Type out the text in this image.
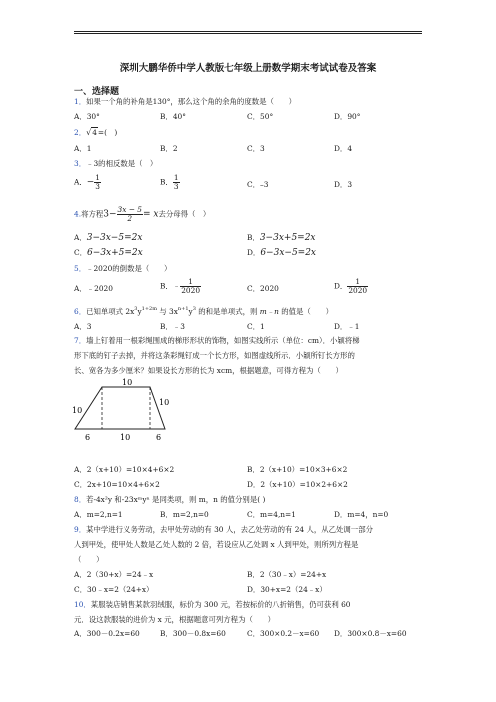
深圳大鹏华侨中学人教版七年级上册数学期末考试试卷及答案
一、选择题
1．如果一个角的补角是130°，那么这个角的余角的度数是（　　）
A．30°	B．40°	C．50°	D．90°
2．√4=(　)
A．1	B．2	C．3	D．4
3．﹣3的相反数是（　）
A．− $\frac{1}{3}$	B． $\frac{1}{3}$	C．–3	D．3
4.将方程$3- \frac{3x - 5}{2} = x$去分母得（　）
A．3−3x−5=2x	B．3−3x+5=2x
C．6−3x+5=2x	D．6−3x−5=2x
5．﹣2020的倒数是（　　）
A．﹣2020	B．﹣ $\frac{1}{2020}$	C．2020	D． $\frac{1}{2020}$
6．已知单项式 $2x^3y^{1+2m}$ 与 $3x^{n+1}y^3$ 的和是单项式，则 m﹣n 的值是（　　）
A．3	B．﹣3	C．1	D．﹣1
7．墙上钉着用一根彩绳围成的梯形形状的饰物，如图实线所示（单位：cm）．小颖将梯
形下底的钉子去掉，并将这条彩绳钉成一个长方形，如图虚线所示．小颖所钉长方形的
长、宽各为多少厘米？如果设长方形的长为 xcm，根据题意，可得方程为（　　）
10
10
10
6	10	6
A．2（x+10）=10×4+6×2	B．2（x+10）=10×3+6×2
C．2x+10=10×4+6×2	D．2（x+10）=10×2+6×2
8．若-4x²y 和-23xᵐyⁿ 是同类项，则 m，n 的值分别是( )
A．m=2,n=1	B．m=2,n=0	C．m=4,n=1	D．m=4，n=0
9．某中学进行义务劳动，去甲处劳动的有 30 人，去乙处劳动的有 24 人，从乙处调一部分
人到甲处，使甲处人数是乙处人数的 2 倍，若设应从乙处调 x 人到甲处，则所列方程是
（　　）
A．2（30+x）=24﹣x	B．2（30﹣x）=24+x
C．30﹣x=2（24+x）	D．30+x=2（24﹣x）
10．某服装店销售某款羽绒服，标价为 300 元，若按标价的八折销售，仍可获利 60
元．设这款服装的进价为 x 元，根据题意可列方程为（　　）
A．300－0.2x=60	B．300－0.8x=60	C．300×0.2－x=60 D．300×0.8－x=60
